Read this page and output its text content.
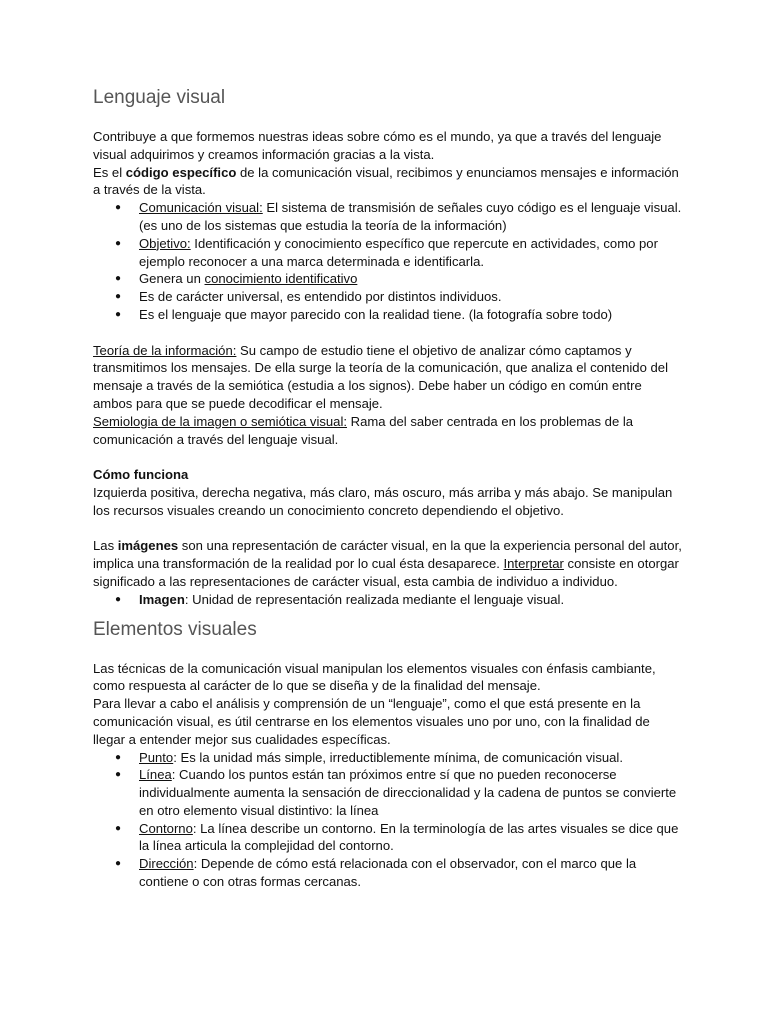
Lenguaje visual

Contribuye a que formemos nuestras ideas sobre cómo es el mundo, ya que a través del lenguaje visual adquirimos y creamos información gracias a la vista.
Es el código específico de la comunicación visual, recibimos y enunciamos mensajes e información a través de la vista.

● Comunicación visual: El sistema de transmisión de señales cuyo código es el lenguaje visual. (es uno de los sistemas que estudia la teoría de la información)
● Objetivo: Identificación y conocimiento específico que repercute en actividades, como por ejemplo reconocer a una marca determinada e identificarla.
● Genera un conocimiento identificativo
● Es de carácter universal, es entendido por distintos individuos.
● Es el lenguaje que mayor parecido con la realidad tiene. (la fotografía sobre todo)

Teoría de la información: Su campo de estudio tiene el objetivo de analizar cómo captamos y transmitimos los mensajes. De ella surge la teoría de la comunicación, que analiza el contenido del mensaje a través de la semiótica (estudia a los signos). Debe haber un código en común entre ambos para que se puede decodificar el mensaje.
Semiologia de la imagen o semiótica visual: Rama del saber centrada en los problemas de la comunicación a través del lenguaje visual.

Cómo funciona
Izquierda positiva, derecha negativa, más claro, más oscuro, más arriba y más abajo. Se manipulan los recursos visuales creando un conocimiento concreto dependiendo el objetivo.

Las imágenes son una representación de carácter visual, en la que la experiencia personal del autor, implica una transformación de la realidad por lo cual ésta desaparece. Interpretar consiste en otorgar significado a las representaciones de carácter visual, esta cambia de individuo a individuo.

● Imagen: Unidad de representación realizada mediante el lenguaje visual.
Elementos visuales

Las técnicas de la comunicación visual manipulan los elementos visuales con énfasis cambiante, como respuesta al carácter de lo que se diseña y de la finalidad del mensaje.
Para llevar a cabo el análisis y comprensión de un “lenguaje”, como el que está presente en la comunicación visual, es útil centrarse en los elementos visuales uno por uno, con la finalidad de llegar a entender mejor sus cualidades específicas.

● Punto: Es la unidad más simple, irreductiblemente mínima, de comunicación visual.
● Línea: Cuando los puntos están tan próximos entre sí que no pueden reconocerse individualmente aumenta la sensación de direccionalidad y la cadena de puntos se convierte en otro elemento visual distintivo: la línea
● Contorno: La línea describe un contorno. En la terminología de las artes visuales se dice que la línea articula la complejidad del contorno.
● Dirección: Depende de cómo está relacionada con el observador, con el marco que la contiene o con otras formas cercanas.
